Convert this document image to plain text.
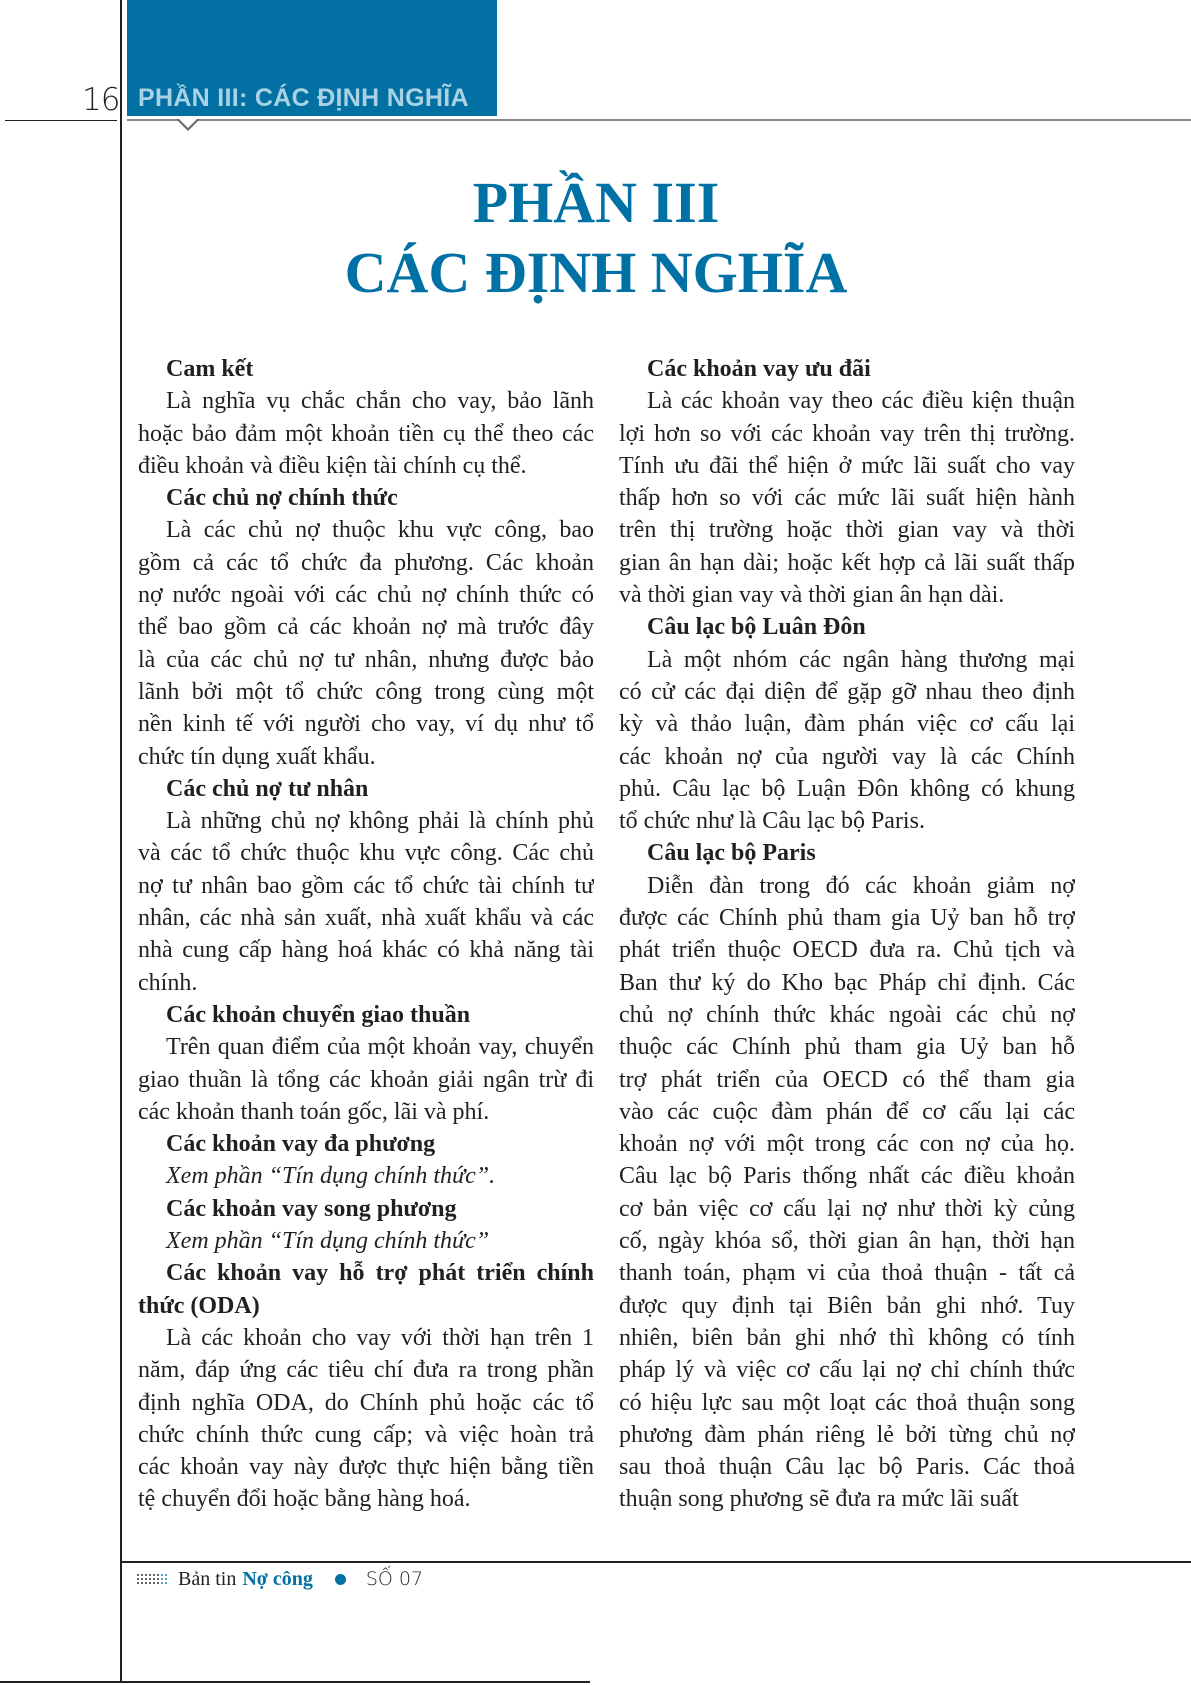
PHẦN III: CÁC ĐỊNH NGHĨA
16
PHẦN III
CÁC ĐỊNH NGHĨA
Cam kết
Là nghĩa vụ chắc chắn cho vay, bảo lãnh
hoặc bảo đảm một khoản tiền cụ thể theo các
điều khoản và điều kiện tài chính cụ thể.
Các chủ nợ chính thức
Là các chủ nợ thuộc khu vực công, bao
gồm cả các tổ chức đa phương. Các khoản
nợ nước ngoài với các chủ nợ chính thức có
thể bao gồm cả các khoản nợ mà trước đây
là của các chủ nợ tư nhân, nhưng được bảo
lãnh bởi một tổ chức công trong cùng một
nền kinh tế với người cho vay, ví dụ như tổ
chức tín dụng xuất khẩu.
Các chủ nợ tư nhân
Là những chủ nợ không phải là chính phủ
và các tổ chức thuộc khu vực công. Các chủ
nợ tư nhân bao gồm các tổ chức tài chính tư
nhân, các nhà sản xuất, nhà xuất khẩu và các
nhà cung cấp hàng hoá khác có khả năng tài
chính.
Các khoản chuyển giao thuần
Trên quan điểm của một khoản vay, chuyển
giao thuần là tổng các khoản giải ngân trừ đi
các khoản thanh toán gốc, lãi và phí.
Các khoản vay đa phương
Xem phần “Tín dụng chính thức”.
Các khoản vay song phương
Xem phần “Tín dụng chính thức”
Các khoản vay hỗ trợ phát triển chính
thức (ODA)
Là các khoản cho vay với thời hạn trên 1
năm, đáp ứng các tiêu chí đưa ra trong phần
định nghĩa ODA, do Chính phủ hoặc các tổ
chức chính thức cung cấp; và việc hoàn trả
các khoản vay này được thực hiện bằng tiền
tệ chuyển đổi hoặc bằng hàng hoá.
Các khoản vay ưu đãi
Là các khoản vay theo các điều kiện thuận
lợi hơn so với các khoản vay trên thị trường.
Tính ưu đãi thể hiện ở mức lãi suất cho vay
thấp hơn so với các mức lãi suất hiện hành
trên thị trường hoặc thời gian vay và thời
gian ân hạn dài; hoặc kết hợp cả lãi suất thấp
và thời gian vay và thời gian ân hạn dài.
Câu lạc bộ Luân Đôn
Là một nhóm các ngân hàng thương mại
có cử các đại diện để gặp gỡ nhau theo định
kỳ và thảo luận, đàm phán việc cơ cấu lại
các khoản nợ của người vay là các Chính
phủ. Câu lạc bộ Luận Đôn không có khung
tổ chức như là Câu lạc bộ Paris.
Câu lạc bộ Paris
Diễn đàn trong đó các khoản giảm nợ
được các Chính phủ tham gia Uỷ ban hỗ trợ
phát triển thuộc OECD đưa ra. Chủ tịch và
Ban thư ký do Kho bạc Pháp chỉ định. Các
chủ nợ chính thức khác ngoài các chủ nợ
thuộc các Chính phủ tham gia Uỷ ban hỗ
trợ phát triển của OECD có thể tham gia
vào các cuộc đàm phán để cơ cấu lại các
khoản nợ với một trong các con nợ của họ.
Câu lạc bộ Paris thống nhất các điều khoản
cơ bản việc cơ cấu lại nợ như thời kỳ củng
cố, ngày khóa sổ, thời gian ân hạn, thời hạn
thanh toán, phạm vi của thoả thuận - tất cả
được quy định tại Biên bản ghi nhớ. Tuy
nhiên, biên bản ghi nhớ thì không có tính
pháp lý và việc cơ cấu lại nợ chỉ chính thức
có hiệu lực sau một loạt các thoả thuận song
phương đàm phán riêng lẻ bởi từng chủ nợ
sau thoả thuận Câu lạc bộ Paris. Các thoả
thuận song phương sẽ đưa ra mức lãi suất
Bản tin Nợ công	SỐ 07
